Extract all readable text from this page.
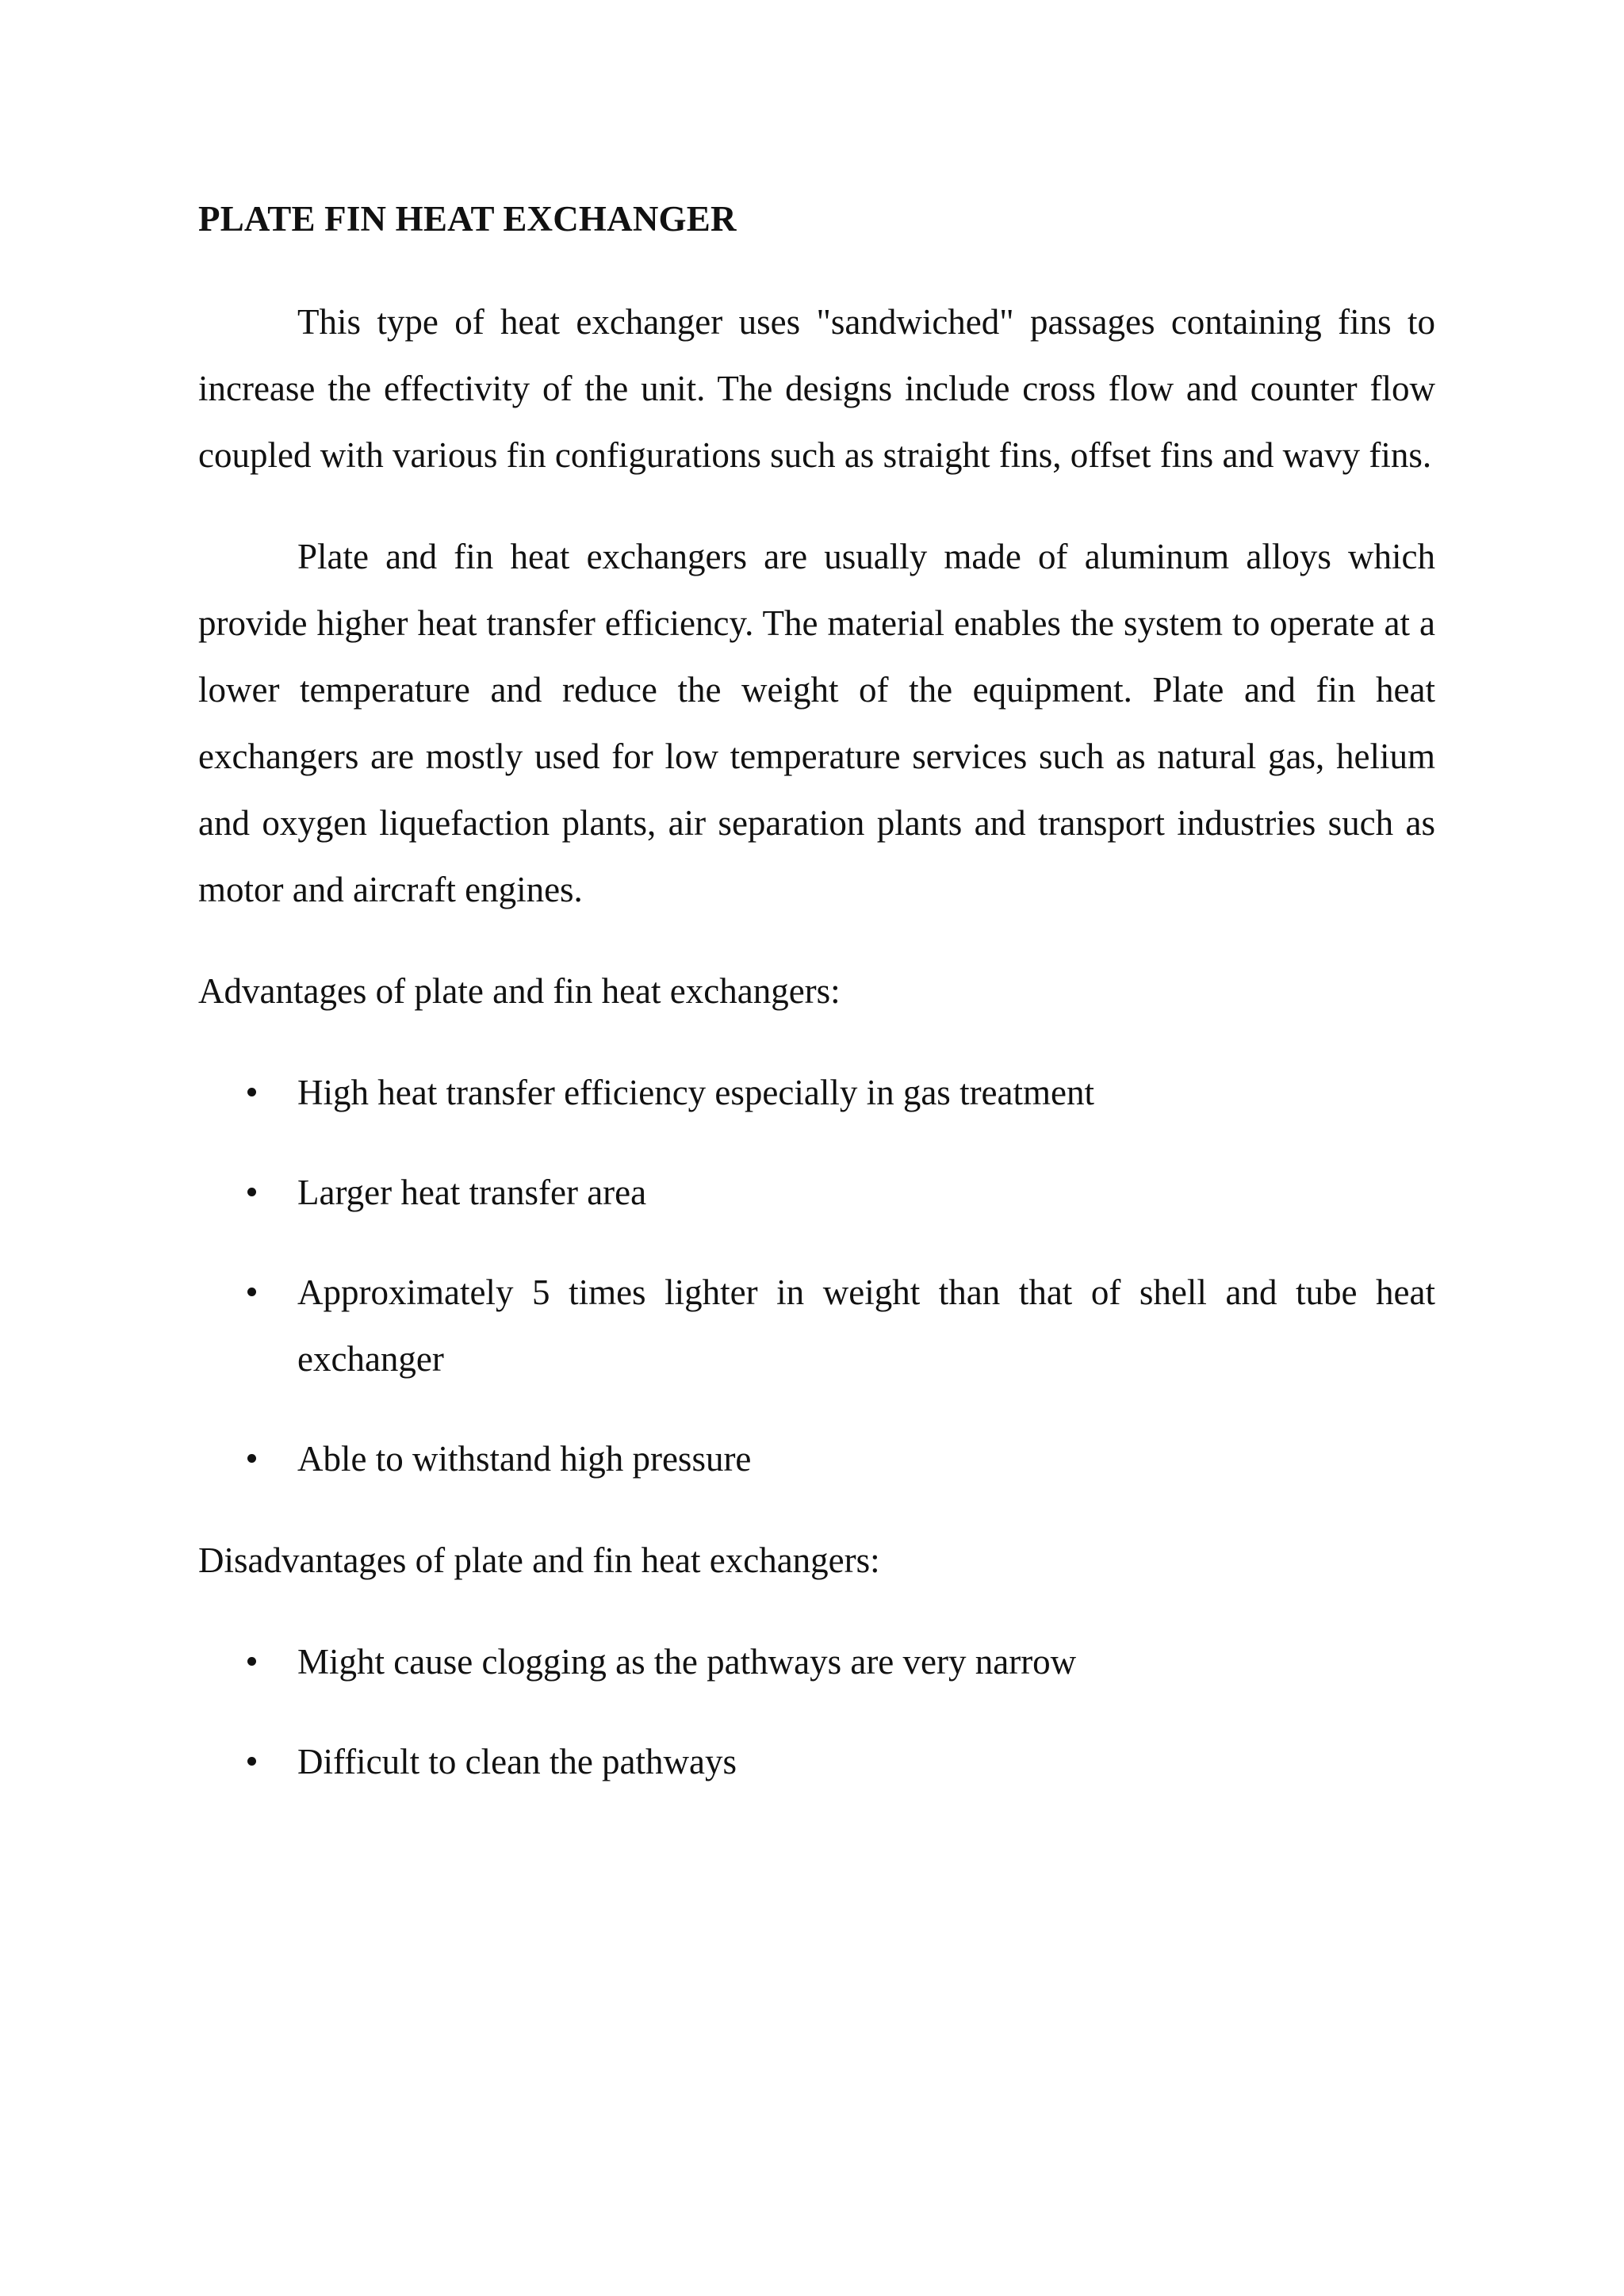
PLATE FIN HEAT EXCHANGER

This type of heat exchanger uses "sandwiched" passages containing fins to increase the effectivity of the unit. The designs include cross flow and counter flow coupled with various fin configurations such as straight fins, offset fins and wavy fins.

Plate and fin heat exchangers are usually made of aluminum alloys which provide higher heat transfer efficiency. The material enables the system to operate at a lower temperature and reduce the weight of the equipment. Plate and fin heat exchangers are mostly used for low temperature services such as natural gas, helium and oxygen liquefaction plants, air separation plants and transport industries such as motor and aircraft engines.

Advantages of plate and fin heat exchangers:
High heat transfer efficiency especially in gas treatment
Larger heat transfer area
Approximately 5 times lighter in weight than that of shell and tube heat exchanger
Able to withstand high pressure
Disadvantages of plate and fin heat exchangers:
Might cause clogging as the pathways are very narrow
Difficult to clean the pathways
